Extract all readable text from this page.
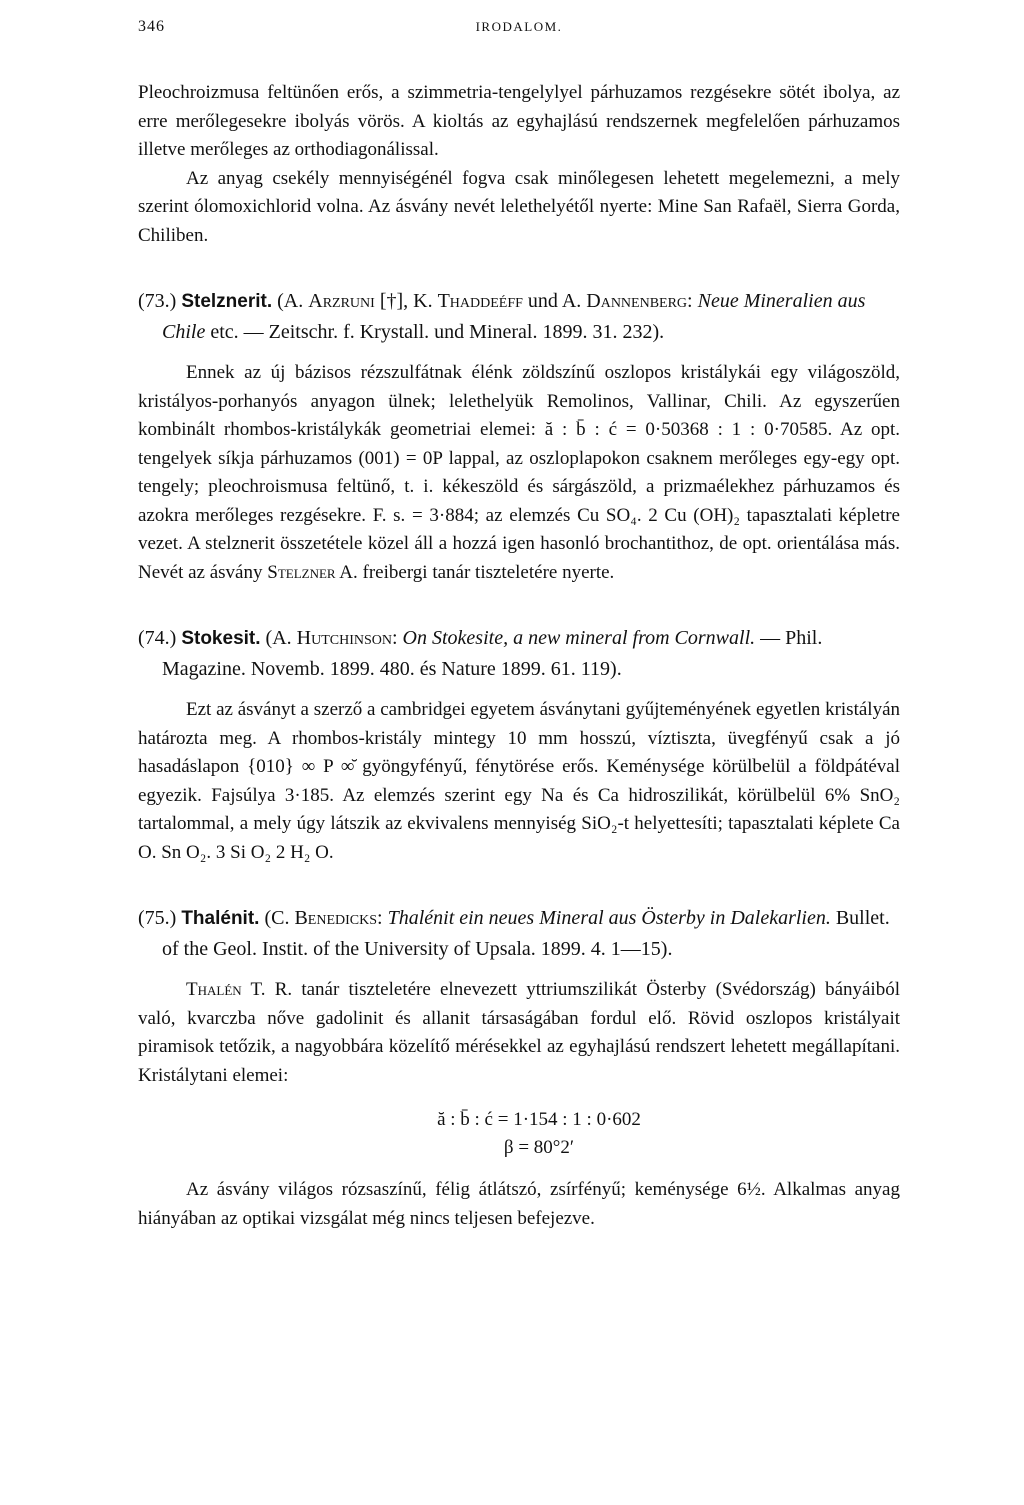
346	IRODALOM.

Pleochroizmusa feltünően erős, a szimmetria-tengelylyel párhuzamos rezgésekre sötét ibolya, az erre merőlegesekre ibolyás vörös. A kioltás az egyhajlású rendszernek megfelelően párhuzamos illetve merőleges az orthodiagonálissal.

Az anyag csekély mennyiségénél fogva csak minőlegesen lehetett megelemezni, a mely szerint ólomoxichlorid volna. Az ásvány nevét lelethelyétől nyerte: Mine San Rafaël, Sierra Gorda, Chiliben.

(73.) Stelznerit. (A. Arzruni [†], K. Thaddeéff und A. Dannenberg: Neue Mineralien aus Chile etc. — Zeitschr. f. Krystall. und Mineral. 1899. 31. 232).

Ennek az új bázisos rézszulfátnak élénk zöldszínű oszlopos kristálykái egy világoszöld, kristályos-porhanyós anyagon ülnek; lelethelyük Remolinos, Vallinar, Chili. Az egyszerűen kombinált rhombos-kristálykák geometriai elemei: ă : b̄ : ć = 0·50368 : 1 : 0·70585. Az opt. tengelyek síkja párhuzamos (001) = 0P lappal, az oszloplapokon csaknem merőleges egy-egy opt. tengely; pleochroismusa feltünő, t. i. kékeszöld és sárgászöld, a prizmaélekhez párhuzamos és azokra merőleges rezgésekre. F. s. = 3·884; az elemzés Cu SO₄. 2 Cu (OH)₂ tapasztalati képletre vezet. A stelznerit összetétele közel áll a hozzá igen hasonló brochantithoz, de opt. orientálása más. Nevét az ásvány Stelzner A. freibergi tanár tiszteletére nyerte.

(74.) Stokesit. (A. Hutchinson: On Stokesite, a new mineral from Cornwall. — Phil. Magazine. Novemb. 1899. 480. és Nature 1899. 61. 119).

Ezt az ásványt a szerző a cambridgei egyetem ásványtani gyűjteményének egyetlen kristályán határozta meg. A rhombos-kristály mintegy 10 mm hosszú, víztiszta, üvegfényű csak a jó hasadáslapon {010} ∞ P ∞̆ gyöngyfényű, fénytörése erős. Keménysége körülbelül a földpátéval egyezik. Fajsúlya 3·185. Az elemzés szerint egy Na és Ca hidroszilikát, körülbelül 6% SnO₂ tartalommal, a mely úgy látszik az ekvivalens mennyiség SiO₂-t helyettesíti; tapasztalati képlete Ca O. Sn O₂. 3 Si O₂ 2 H₂ O.

(75.) Thalénit. (C. Benedicks: Thalénit ein neues Mineral aus Österby in Dalekarlien. Bullet. of the Geol. Instit. of the University of Upsala. 1899. 4. 1—15).

Thalén T. R. tanár tiszteletére elnevezett yttriumszilikát Österby (Svédország) bányáiból való, kvarczba nőve gadolinit és allanit társaságában fordul elő. Rövid oszlopos kristályait piramisok tetőzik, a nagyobbára közelítő mérésekkel az egyhajlású rendszert lehetett megállapítani. Kristálytani elemei:

ă : b̄ : ć = 1·154 : 1 : 0·602
β = 80°2′

Az ásvány világos rózsaszínű, félig átlátszó, zsírfényű; keménysége 6½. Alkalmas anyag hiányában az optikai vizsgálat még nincs teljesen befejezve.
